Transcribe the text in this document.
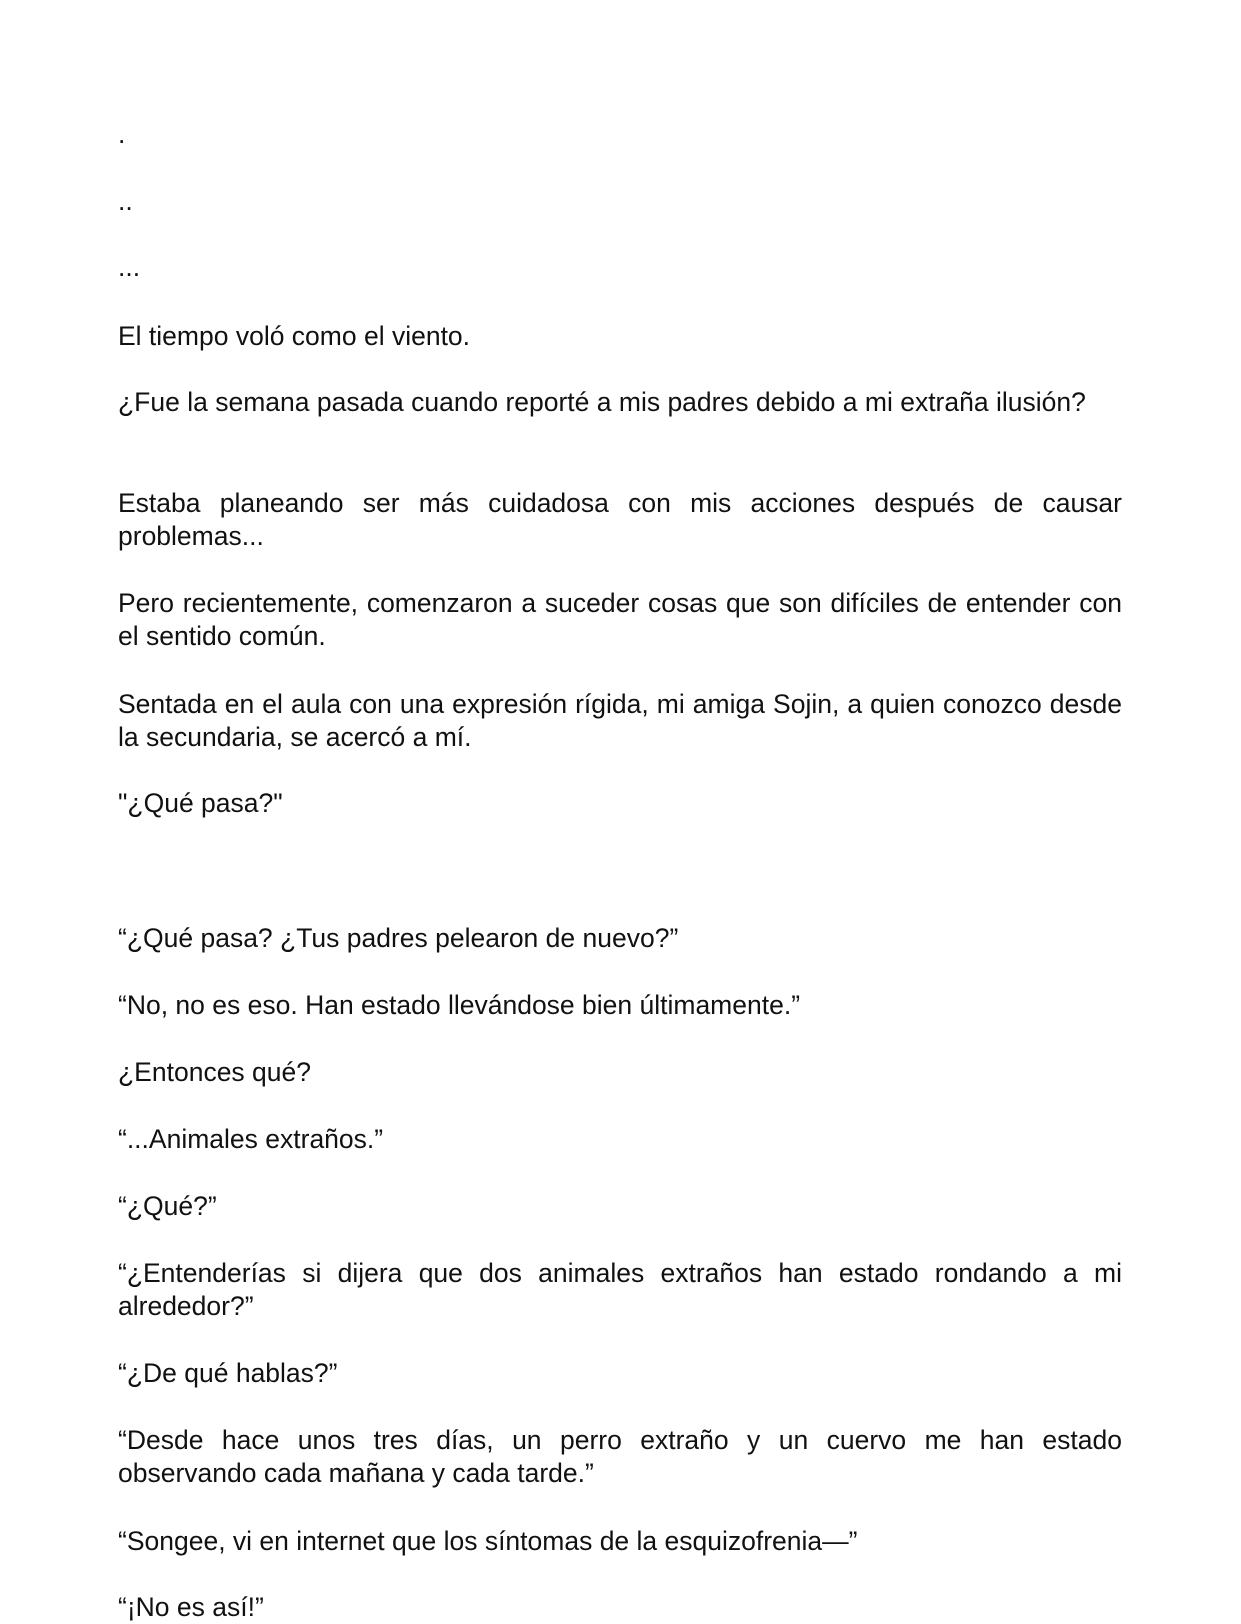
.

..

...

El tiempo voló como el viento.

¿Fue la semana pasada cuando reporté a mis padres debido a mi extraña ilusión?

Estaba planeando ser más cuidadosa con mis acciones después de causar problemas...

Pero recientemente, comenzaron a suceder cosas que son difíciles de entender con el sentido común.

Sentada en el aula con una expresión rígida, mi amiga Sojin, a quien conozco desde la secundaria, se acercó a mí.

"¿Qué pasa?"

“¿Qué pasa? ¿Tus padres pelearon de nuevo?”

“No, no es eso. Han estado llevándose bien últimamente.”

¿Entonces qué?

“...Animales extraños.”

“¿Qué?”

“¿Entenderías si dijera que dos animales extraños han estado rondando a mi alrededor?”

“¿De qué hablas?”

“Desde hace unos tres días, un perro extraño y un cuervo me han estado observando cada mañana y cada tarde.”

“Songee, vi en internet que los síntomas de la esquizofrenia—”

“¡No es así!”
